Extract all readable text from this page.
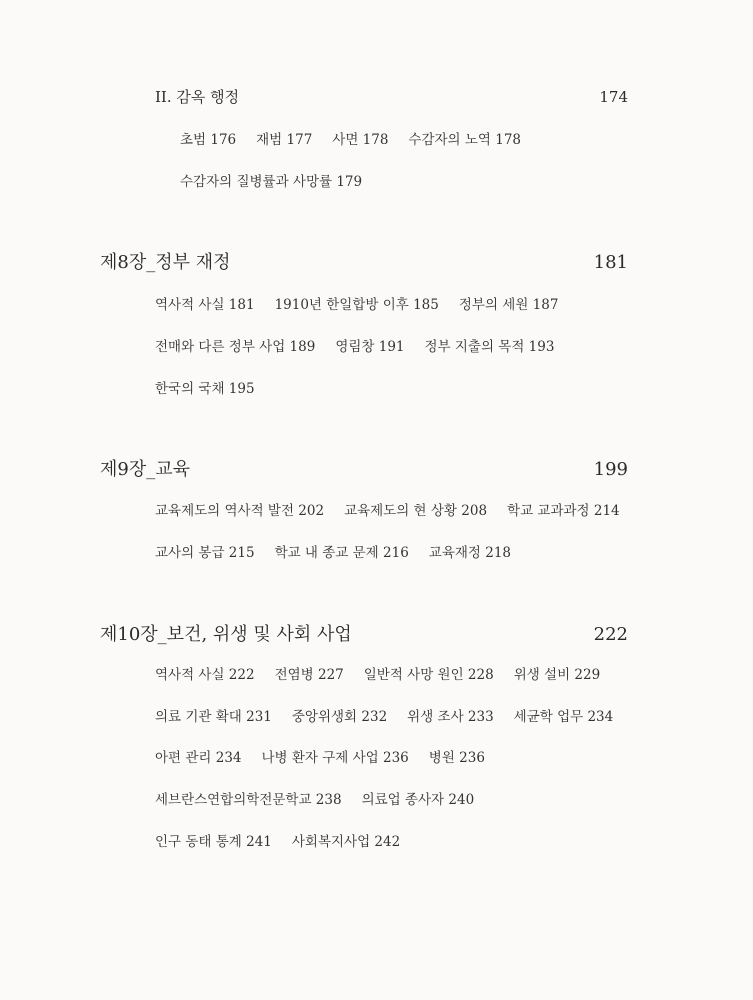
II. 감옥 행정	174
초범 176 재범 177 사면 178 수감자의 노역 178
수감자의 질병률과 사망률 179
제8장_정부 재정	181
역사적 사실 181 1910년 한일합방 이후 185 정부의 세원 187
전매와 다른 정부 사업 189 영림창 191 정부 지출의 목적 193
한국의 국채 195
제9장_교육	199
교육제도의 역사적 발전 202 교육제도의 현 상황 208 학교 교과과정 214
교사의 봉급 215 학교 내 종교 문제 216 교육재정 218
제10장_보건, 위생 및 사회 사업	222
역사적 사실 222 전염병 227 일반적 사망 원인 228 위생 설비 229
의료 기관 확대 231 중앙위생회 232 위생 조사 233 세균학 업무 234
아편 관리 234 나병 환자 구제 사업 236 병원 236
세브란스연합의학전문학교 238 의료업 종사자 240
인구 동태 통계 241 사회복지사업 242
